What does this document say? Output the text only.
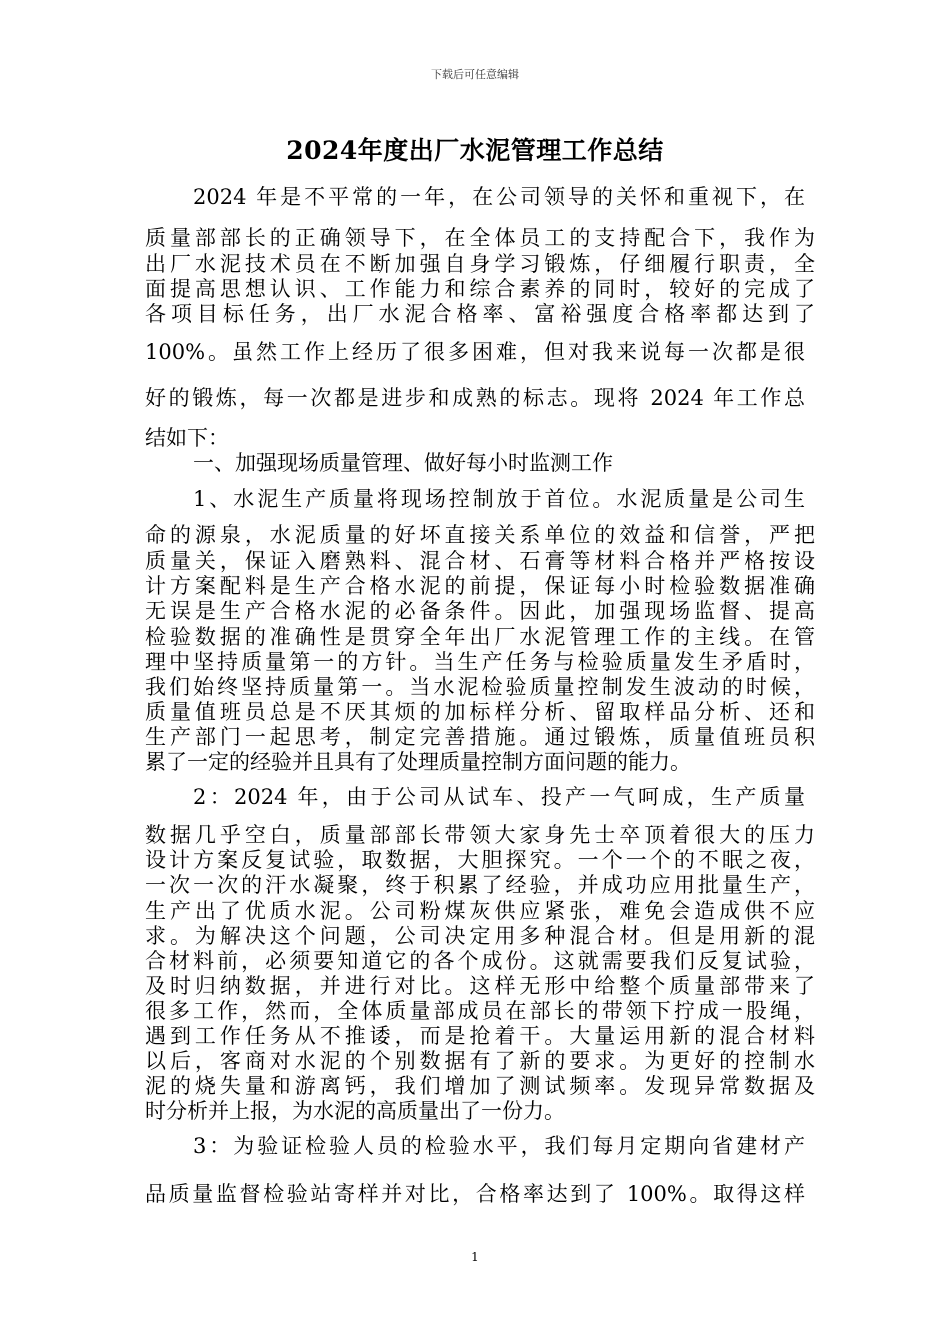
下载后可任意编辑
2024年度出厂水泥管理工作总结
2024 年是不平常的一年，在公司领导的关怀和重视下，在
质量部部长的正确领导下，在全体员工的支持配合下，我作为
出厂水泥技术员在不断加强自身学习锻炼，仔细履行职责，全
面提高思想认识、工作能力和综合素养的同时，较好的完成了
各项目标任务，出厂水泥合格率、富裕强度合格率都达到了
100%。虽然工作上经历了很多困难，但对我来说每一次都是很
好的锻炼，每一次都是进步和成熟的标志。现将 2024 年工作总
结如下：
一、加强现场质量管理、做好每小时监测工作
1、水泥生产质量将现场控制放于首位。水泥质量是公司生
命的源泉，水泥质量的好坏直接关系单位的效益和信誉，严把
质量关，保证入磨熟料、混合材、石膏等材料合格并严格按设
计方案配料是生产合格水泥的前提，保证每小时检验数据准确
无误是生产合格水泥的必备条件。因此，加强现场监督、提高
检验数据的准确性是贯穿全年出厂水泥管理工作的主线。在管
理中坚持质量第一的方针。当生产任务与检验质量发生矛盾时，
我们始终坚持质量第一。当水泥检验质量控制发生波动的时候，
质量值班员总是不厌其烦的加标样分析、留取样品分析、还和
生产部门一起思考，制定完善措施。通过锻炼，质量值班员积
累了一定的经验并且具有了处理质量控制方面问题的能力。
2：2024 年，由于公司从试车、投产一气呵成，生产质量
数据几乎空白，质量部部长带领大家身先士卒顶着很大的压力
设计方案反复试验，取数据，大胆探究。一个一个的不眠之夜，
一次一次的汗水凝聚，终于积累了经验，并成功应用批量生产，
生产出了优质水泥。公司粉煤灰供应紧张，难免会造成供不应
求。为解决这个问题，公司决定用多种混合材。但是用新的混
合材料前，必须要知道它的各个成份。这就需要我们反复试验，
及时归纳数据，并进行对比。这样无形中给整个质量部带来了
很多工作，然而，全体质量部成员在部长的带领下拧成一股绳，
遇到工作任务从不推诿，而是抢着干。大量运用新的混合材料
以后，客商对水泥的个别数据有了新的要求。为更好的控制水
泥的烧失量和游离钙，我们增加了测试频率。发现异常数据及
时分析并上报，为水泥的高质量出了一份力。
3：为验证检验人员的检验水平，我们每月定期向省建材产
品质量监督检验站寄样并对比，合格率达到了 100%。取得这样
1
